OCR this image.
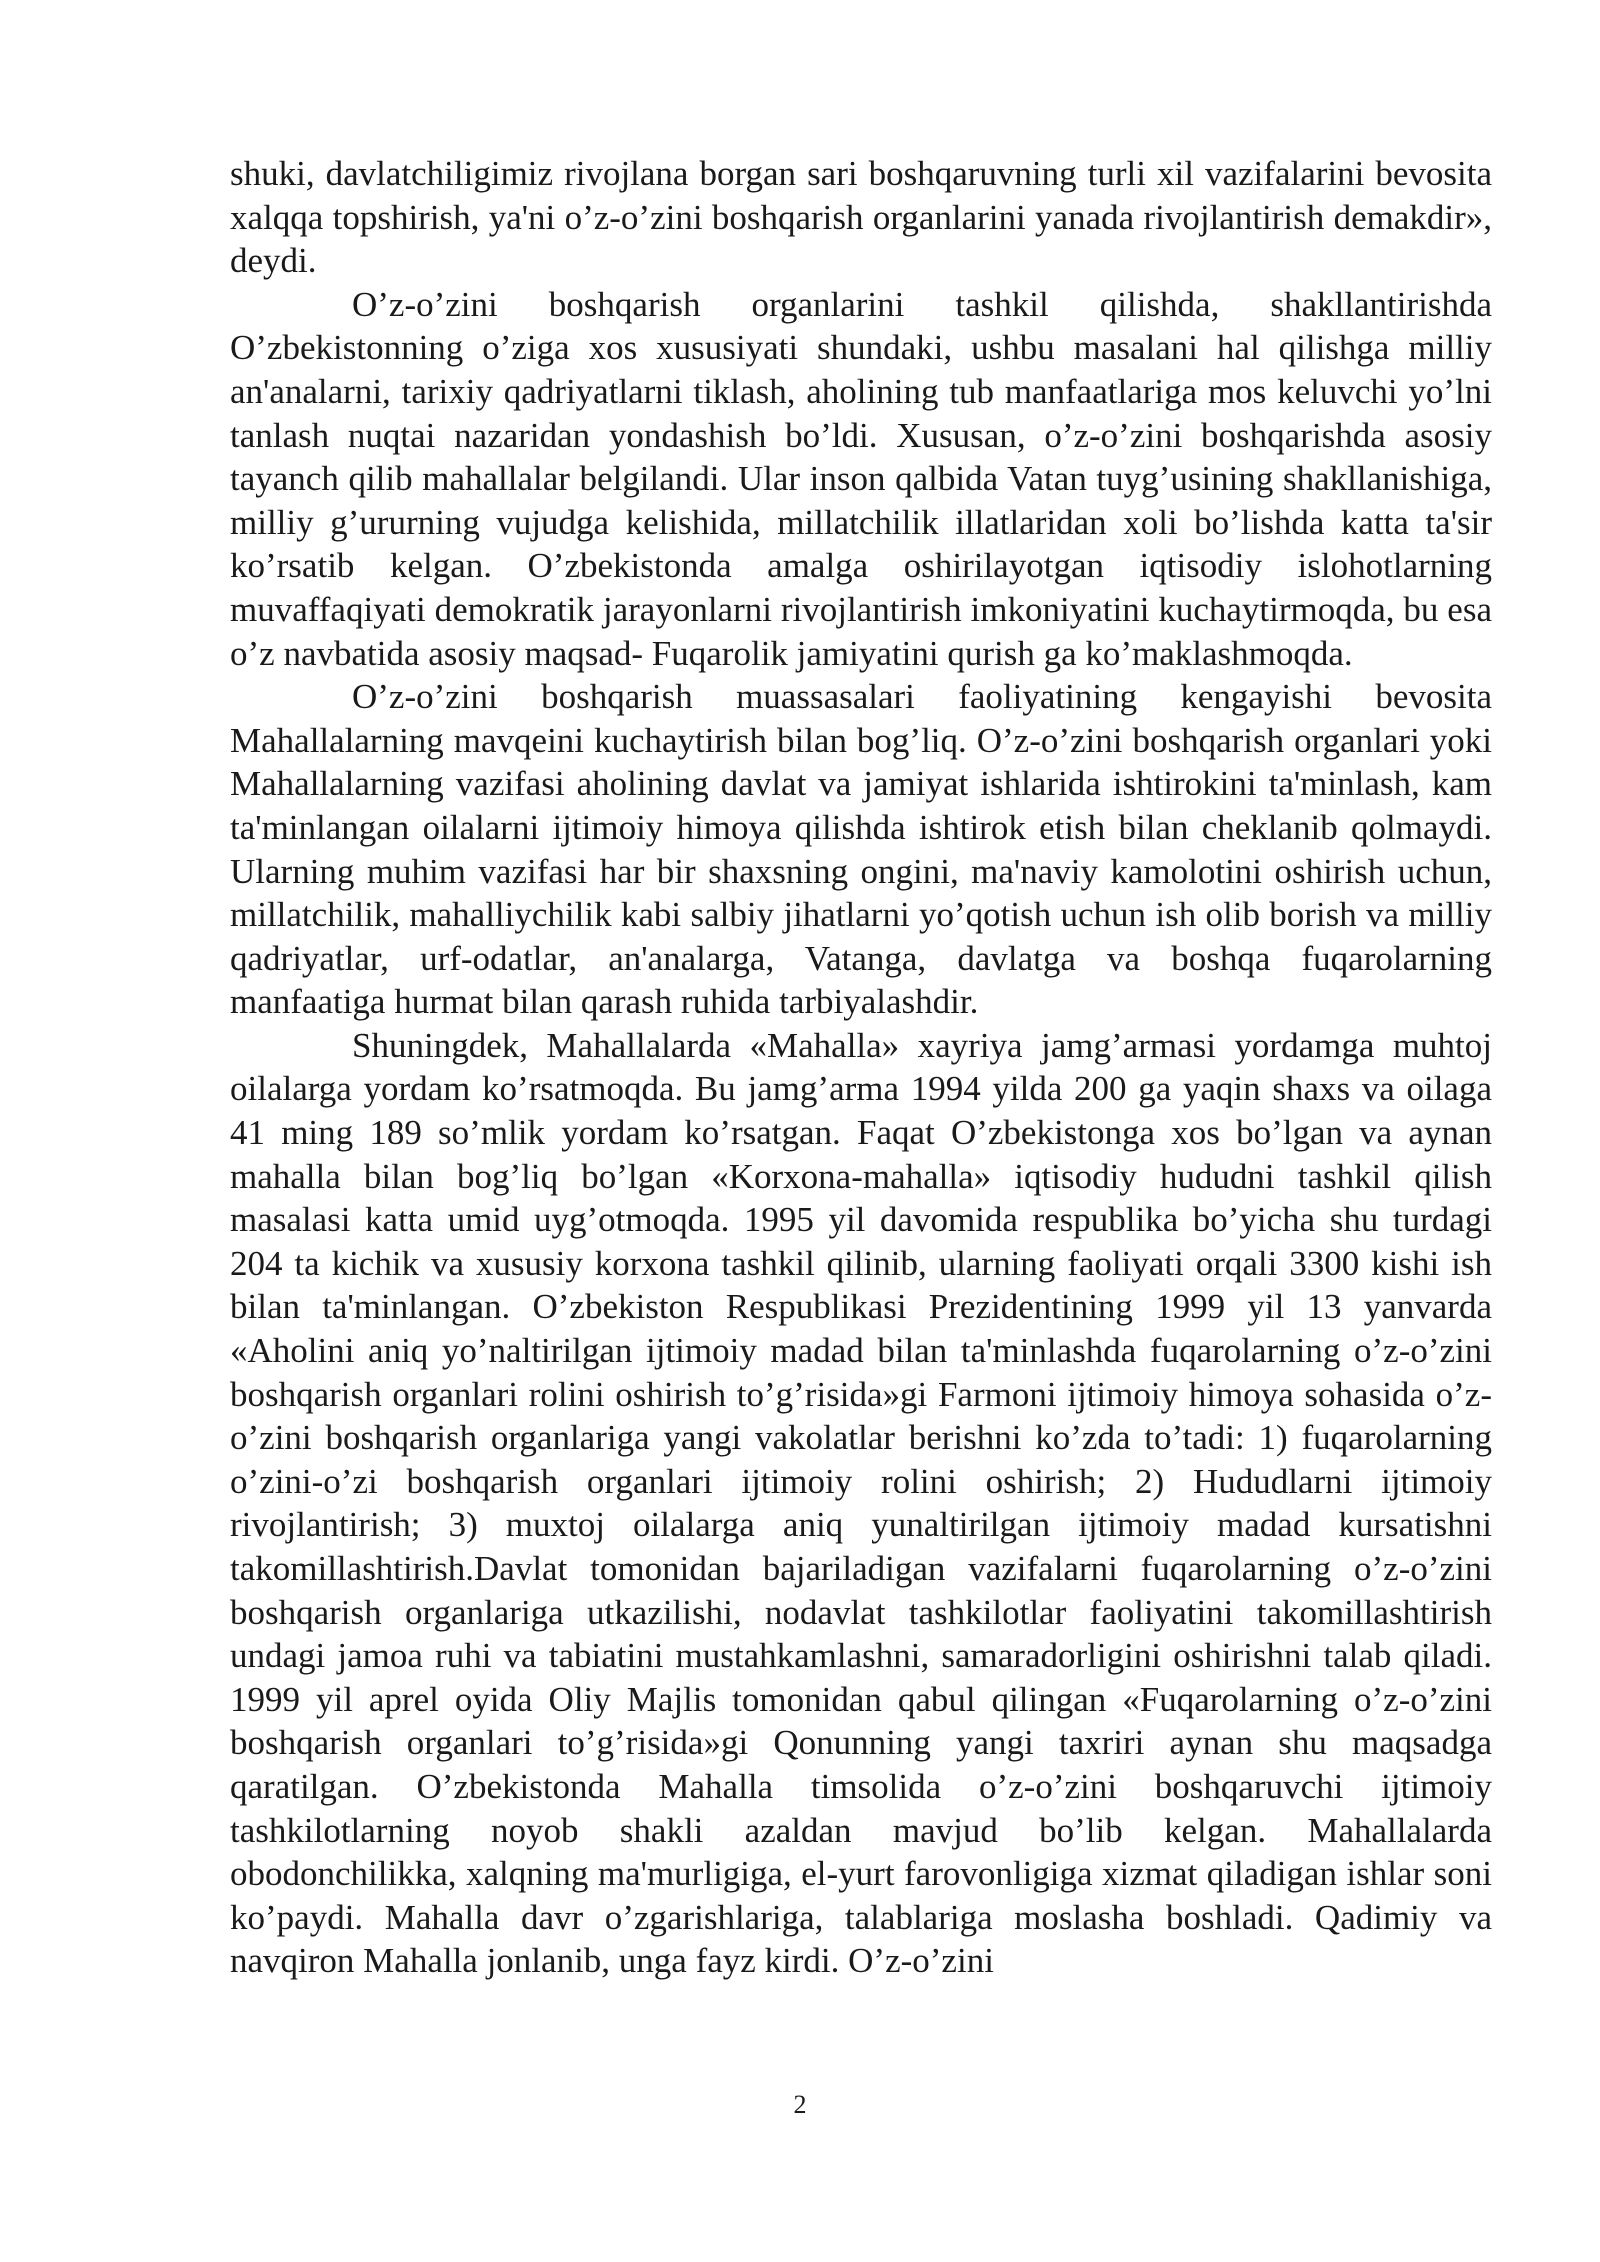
shuki, davlatchiligimiz rivojlana borgan sari boshqaruvning turli xil vazifalarini bevosita xalqqa topshirish, ya'ni o’z-o’zini boshqarish organlarini yanada rivojlantirish demakdir», deydi.

O’z-o’zini boshqarish organlarini tashkil qilishda, shakllantirishda O’zbekistonning o’ziga xos xususiyati shundaki, ushbu masalani hal qilishga milliy an'analarni, tarixiy qadriyatlarni tiklash, aholining tub manfaatlariga mos keluvchi yo’lni tanlash nuqtai nazaridan yondashish bo’ldi. Xususan, o’z-o’zini boshqarishda asosiy tayanch qilib mahallalar belgilandi. Ular inson qalbida Vatan tuyg’usining shakllanishiga, milliy g’ururning vujudga kelishida, millatchilik illatlaridan xoli bo’lishda katta ta'sir ko’rsatib kelgan. O’zbekistonda amalga oshirilayotgan iqtisodiy islohotlarning muvaffaqiyati demokratik jarayonlarni rivojlantirish imkoniyatini kuchaytirmoqda, bu esa o’z navbatida asosiy maqsad- Fuqarolik jamiyatini qurish ga ko’maklashmoqda.

O’z-o’zini boshqarish muassasalari faoliyatining kengayishi bevosita Mahallalarning mavqeini kuchaytirish bilan bog’liq. O’z-o’zini boshqarish organlari yoki Mahallalarning vazifasi aholining davlat va jamiyat ishlarida ishtirokini ta'minlash, kam ta'minlangan oilalarni ijtimoiy himoya qilishda ishtirok etish bilan cheklanib qolmaydi. Ularning muhim vazifasi har bir shaxsning ongini, ma'naviy kamolotini oshirish uchun, millatchilik, mahalliychilik kabi salbiy jihatlarni yo’qotish uchun ish olib borish va milliy qadriyatlar, urf-odatlar, an'analarga, Vatanga, davlatga va boshqa fuqarolarning manfaatiga hurmat bilan qarash ruhida tarbiyalashdir.

Shuningdek, Mahallalarda «Mahalla» xayriya jamg’armasi yordamga muhtoj oilalarga yordam ko’rsatmoqda. Bu jamg’arma 1994 yilda 200 ga yaqin shaxs va oilaga 41 ming 189 so’mlik yordam ko’rsatgan. Faqat O’zbekistonga xos bo’lgan va aynan mahalla bilan bog’liq bo’lgan «Korxona-mahalla» iqtisodiy hududni tashkil qilish masalasi katta umid uyg’otmoqda. 1995 yil davomida respublika bo’yicha shu turdagi 204 ta kichik va xususiy korxona tashkil qilinib, ularning faoliyati orqali 3300 kishi ish bilan ta'minlangan. O’zbekiston Respublikasi Prezidentining 1999 yil 13 yanvarda «Aholini aniq yo’naltirilgan ijtimoiy madad bilan ta'minlashda fuqarolarning o’z-o’zini boshqarish organlari rolini oshirish to’g’risida»gi Farmoni ijtimoiy himoya sohasida o’z-o’zini boshqarish organlariga yangi vakolatlar berishni ko’zda to’tadi: 1) fuqarolarning o’zini-o’zi boshqarish organlari ijtimoiy rolini oshirish; 2) Hududlarni ijtimoiy rivojlantirish; 3) muxtoj oilalarga aniq yunaltirilgan ijtimoiy madad kursatishni takomillashtirish.Davlat tomonidan bajariladigan vazifalarni fuqarolarning o’z-o’zini boshqarish organlariga utkazilishi, nodavlat tashkilotlar faoliyatini takomillashtirish undagi jamoa ruhi va tabiatini mustahkamlashni, samaradorligini oshirishni talab qiladi. 1999 yil aprel oyida Oliy Majlis tomonidan qabul qilingan «Fuqarolarning o’z-o’zini boshqarish organlari to’g’risida»gi Qonunning yangi taxriri aynan shu maqsadga qaratilgan. O’zbekistonda Mahalla timsolida o’z-o’zini boshqaruvchi ijtimoiy tashkilotlarning noyob shakli azaldan mavjud bo’lib kelgan. Mahallalarda obodonchilikka, xalqning ma'murligiga, el-yurt farovonligiga xizmat qiladigan ishlar soni ko’paydi. Mahalla davr o’zgarishlariga, talablariga moslasha boshladi. Qadimiy va navqiron Mahalla jonlanib, unga fayz kirdi. O’z-o’zini

2
